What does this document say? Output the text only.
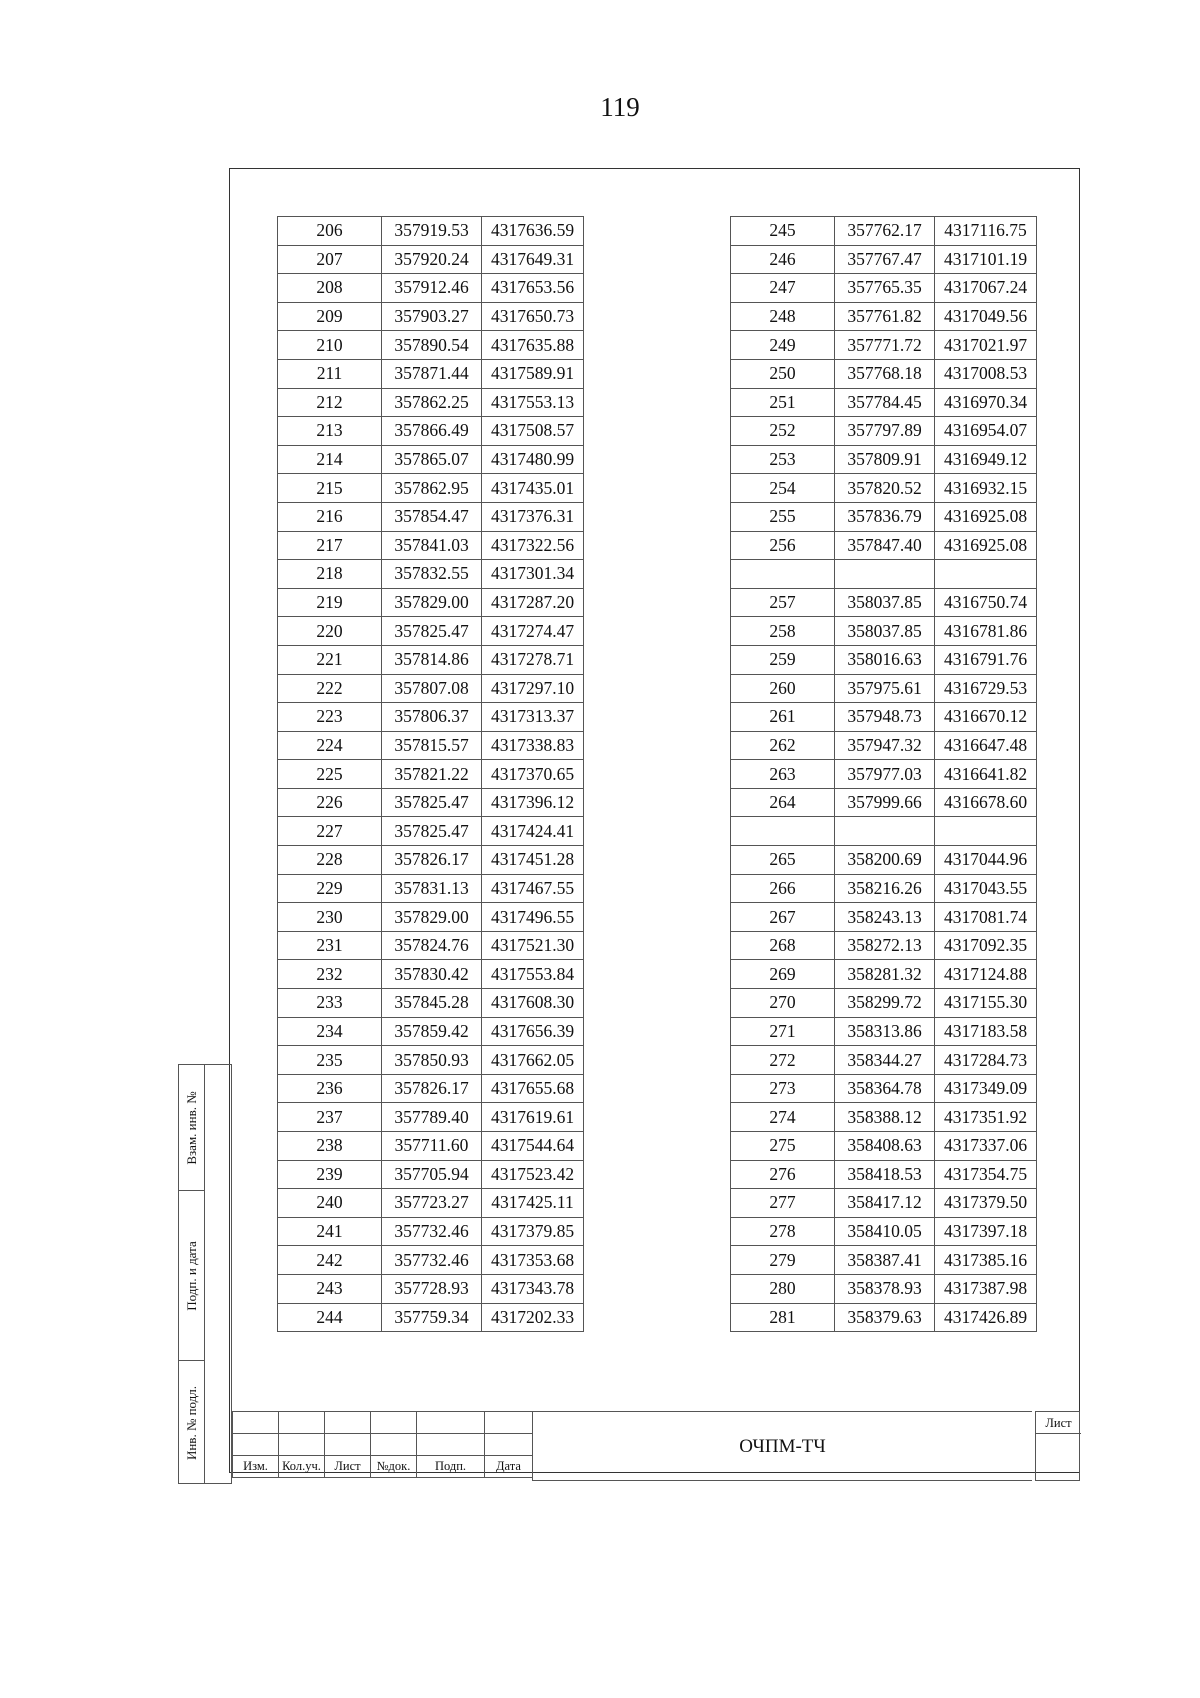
119
206	357919.53	4317636.59
207	357920.24	4317649.31
208	357912.46	4317653.56
209	357903.27	4317650.73
210	357890.54	4317635.88
211	357871.44	4317589.91
212	357862.25	4317553.13
213	357866.49	4317508.57
214	357865.07	4317480.99
215	357862.95	4317435.01
216	357854.47	4317376.31
217	357841.03	4317322.56
218	357832.55	4317301.34
219	357829.00	4317287.20
220	357825.47	4317274.47
221	357814.86	4317278.71
222	357807.08	4317297.10
223	357806.37	4317313.37
224	357815.57	4317338.83
225	357821.22	4317370.65
226	357825.47	4317396.12
227	357825.47	4317424.41
228	357826.17	4317451.28
229	357831.13	4317467.55
230	357829.00	4317496.55
231	357824.76	4317521.30
232	357830.42	4317553.84
233	357845.28	4317608.30
234	357859.42	4317656.39
235	357850.93	4317662.05
236	357826.17	4317655.68
237	357789.40	4317619.61
238	357711.60	4317544.64
239	357705.94	4317523.42
240	357723.27	4317425.11
241	357732.46	4317379.85
242	357732.46	4317353.68
243	357728.93	4317343.78
244	357759.34	4317202.33
245	357762.17	4317116.75
246	357767.47	4317101.19
247	357765.35	4317067.24
248	357761.82	4317049.56
249	357771.72	4317021.97
250	357768.18	4317008.53
251	357784.45	4316970.34
252	357797.89	4316954.07
253	357809.91	4316949.12
254	357820.52	4316932.15
255	357836.79	4316925.08
256	357847.40	4316925.08

257	358037.85	4316750.74
258	358037.85	4316781.86
259	358016.63	4316791.76
260	357975.61	4316729.53
261	357948.73	4316670.12
262	357947.32	4316647.48
263	357977.03	4316641.82
264	357999.66	4316678.60

265	358200.69	4317044.96
266	358216.26	4317043.55
267	358243.13	4317081.74
268	358272.13	4317092.35
269	358281.32	4317124.88
270	358299.72	4317155.30
271	358313.86	4317183.58
272	358344.27	4317284.73
273	358364.78	4317349.09
274	358388.12	4317351.92
275	358408.63	4317337.06
276	358418.53	4317354.75
277	358417.12	4317379.50
278	358410.05	4317397.18
279	358387.41	4317385.16
280	358378.93	4317387.98
281	358379.63	4317426.89
Взам. инв. №
Подп. и дата
Инв. № подл.

Изм.	Кол.уч.	Лист	№док.	Подп.	Дата
ОЧПМ-ТЧ
Лист
